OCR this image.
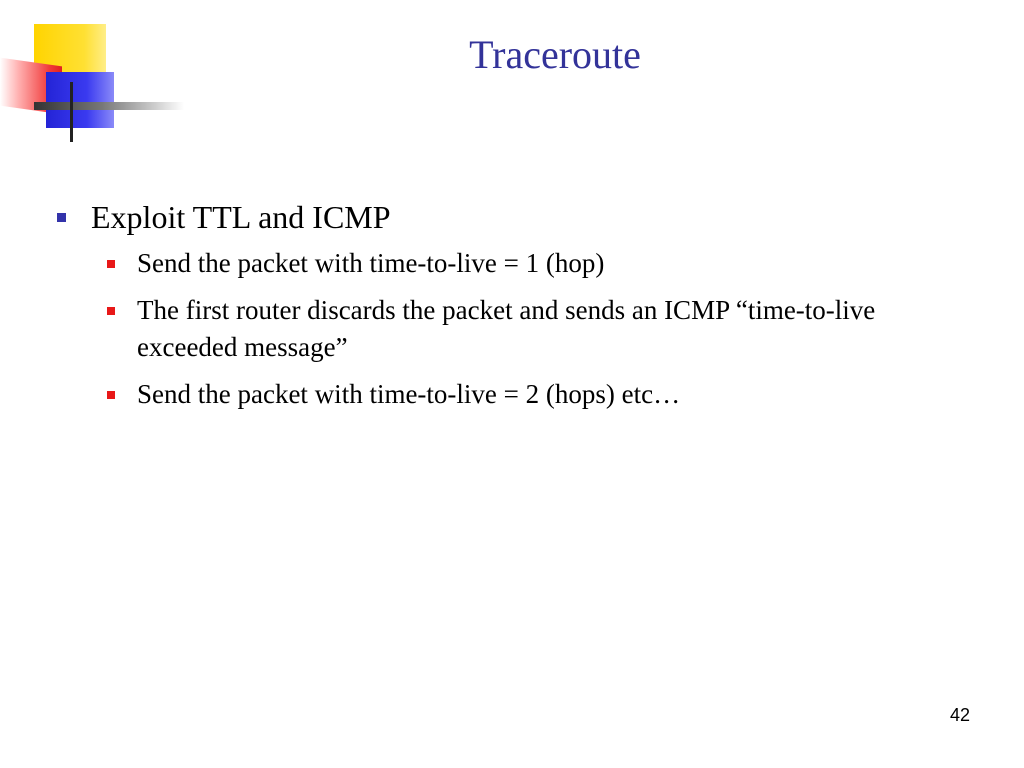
Traceroute
Exploit TTL and ICMP
Send the packet with time-to-live = 1 (hop)
The first router discards the packet and sends an ICMP “time-to-live exceeded message”
Send the packet with time-to-live = 2 (hops) etc…
42
